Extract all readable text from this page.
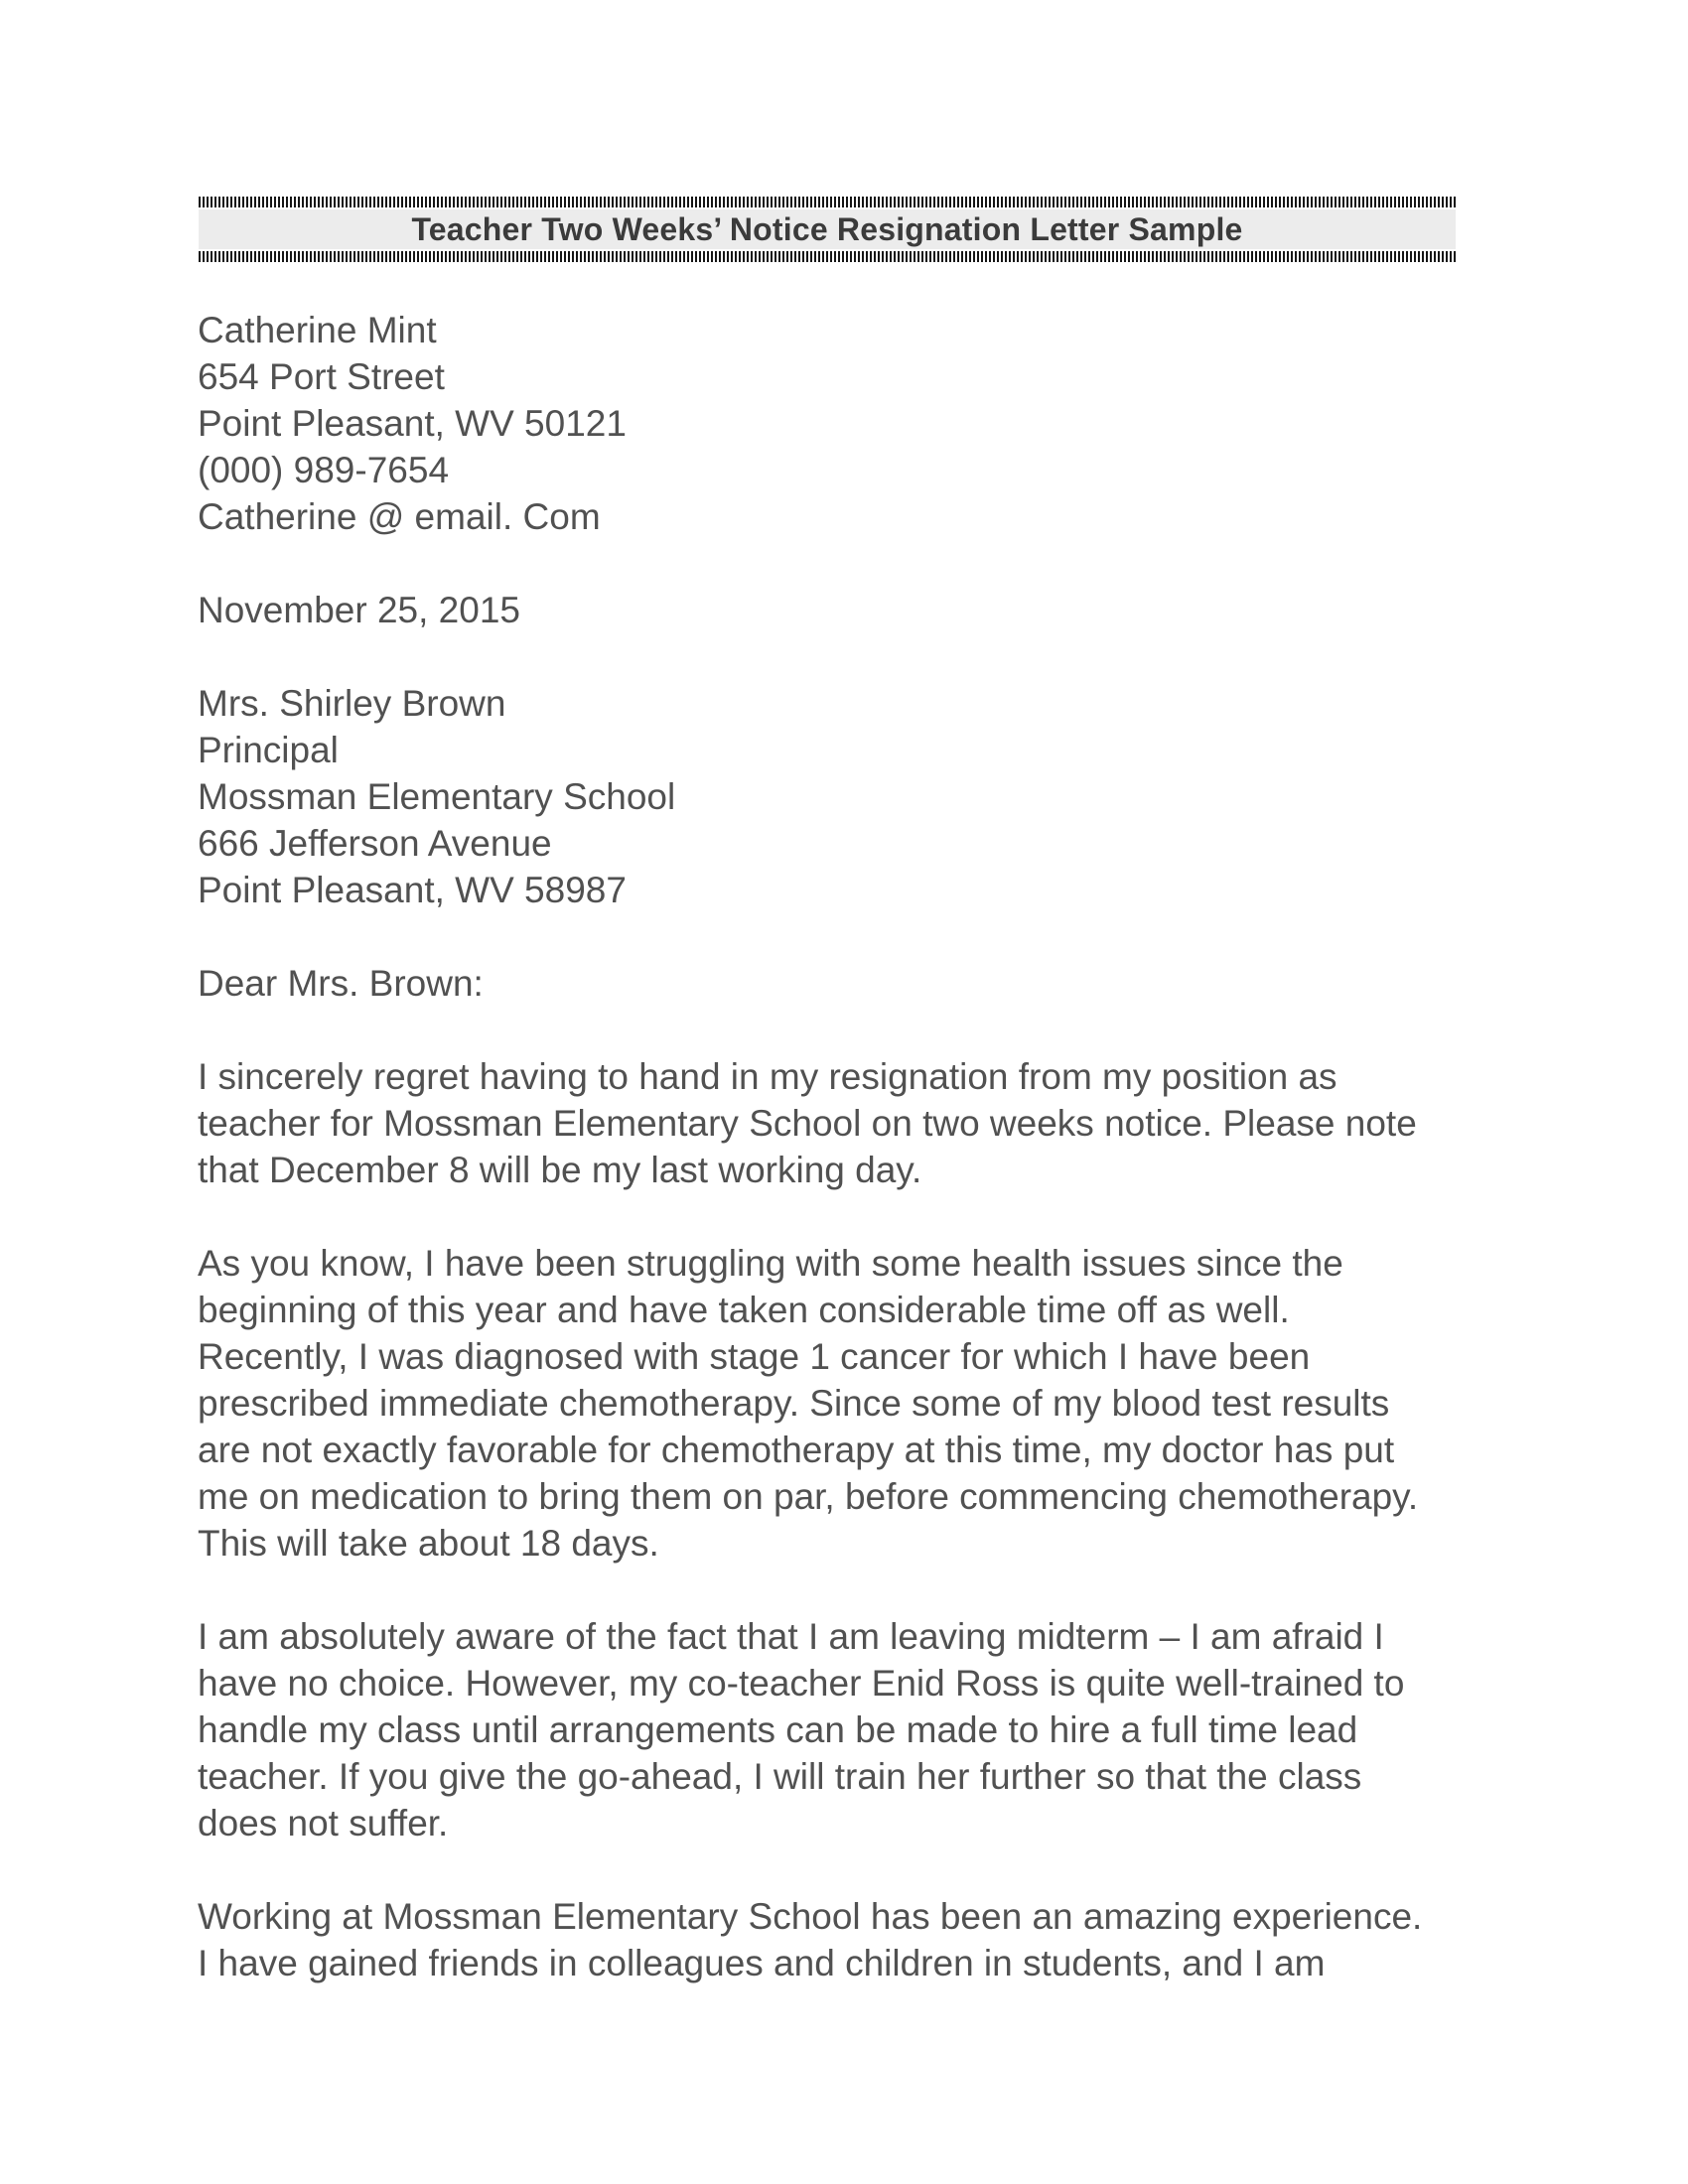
Teacher Two Weeks’ Notice Resignation Letter Sample
Catherine Mint
654 Port Street
Point Pleasant, WV 50121
(000) 989-7654
Catherine @ email. Com
November 25, 2015
Mrs. Shirley Brown
Principal
Mossman Elementary School
666 Jefferson Avenue
Point Pleasant, WV 58987
Dear Mrs. Brown:
I sincerely regret having to hand in my resignation from my position as teacher for Mossman Elementary School on two weeks notice. Please note that December 8 will be my last working day.
As you know, I have been struggling with some health issues since the beginning of this year and have taken considerable time off as well. Recently, I was diagnosed with stage 1 cancer for which I have been prescribed immediate chemotherapy. Since some of my blood test results are not exactly favorable for chemotherapy at this time, my doctor has put me on medication to bring them on par, before commencing chemotherapy. This will take about 18 days.
I am absolutely aware of the fact that I am leaving midterm – I am afraid I have no choice. However, my co-teacher Enid Ross is quite well-trained to handle my class until arrangements can be made to hire a full time lead teacher. If you give the go-ahead, I will train her further so that the class does not suffer.
Working at Mossman Elementary School has been an amazing experience. I have gained friends in colleagues and children in students, and I am
